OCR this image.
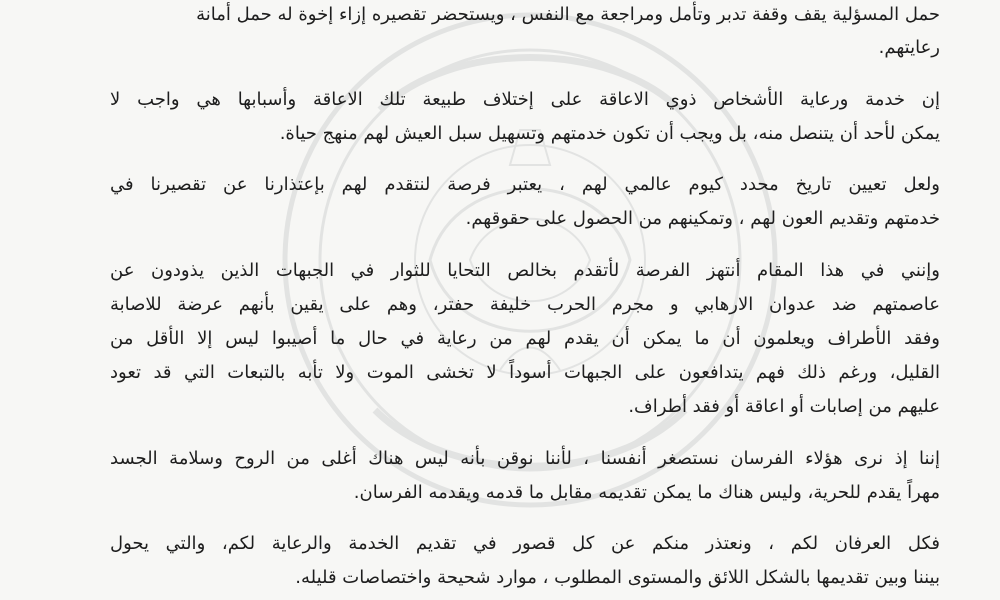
حمل المسؤلية يقف وقفة تدبر وتأمل ومراجعة مع النفس ، ويستحضر تقصيره إزاء إخوة له حمل أمانة
رعايتهم.
إن خدمة ورعاية الأشخاص ذوي الاعاقة على إختلاف طبيعة تلك الاعاقة وأسبابها هي واجب لا
يمكن لأحد أن يتنصل منه، بل ويجب أن تكون خدمتهم وتسهيل سبل العيش لهم منهج حياة.
ولعل تعيين تاريخ محدد كيوم عالمي لهم ، يعتبر فرصة لنتقدم لهم بإعتذارنا عن تقصيرنا في
خدمتهم وتقديم العون لهم ، وتمكينهم من الحصول على حقوقهم.
وإنني في هذا المقام أنتهز الفرصة لأتقدم بخالص التحايا للثوار في الجبهات الذين يذودون عن
عاصمتهم ضد عدوان الارهابي و مجرم الحرب خليفة حفتر، وهم على يقين بأنهم عرضة للاصابة
وفقد الأطراف ويعلمون أن ما يمكن أن يقدم لهم من رعاية في حال ما أصيبوا ليس إلا الأقل من
القليل، ورغم ذلك فهم يتدافعون على الجبهات أسوداً لا تخشى الموت ولا تأبه بالتبعات التي قد تعود
عليهم من إصابات أو اعاقة أو فقد أطراف.
إننا إذ نرى هؤلاء الفرسان نستصغر أنفسنا ، لأننا نوقن بأنه ليس هناك أغلى من الروح وسلامة الجسد
مهراً يقدم للحرية، وليس هناك ما يمكن تقديمه مقابل ما قدمه ويقدمه الفرسان.
فكل العرفان لكم ، ونعتذر منكم عن كل قصور في تقديم الخدمة والرعاية لكم، والتي يحول
بيننا وبين تقديمها بالشكل اللائق والمستوى المطلوب ، موارد شحيحة واختصاصات قليله.
